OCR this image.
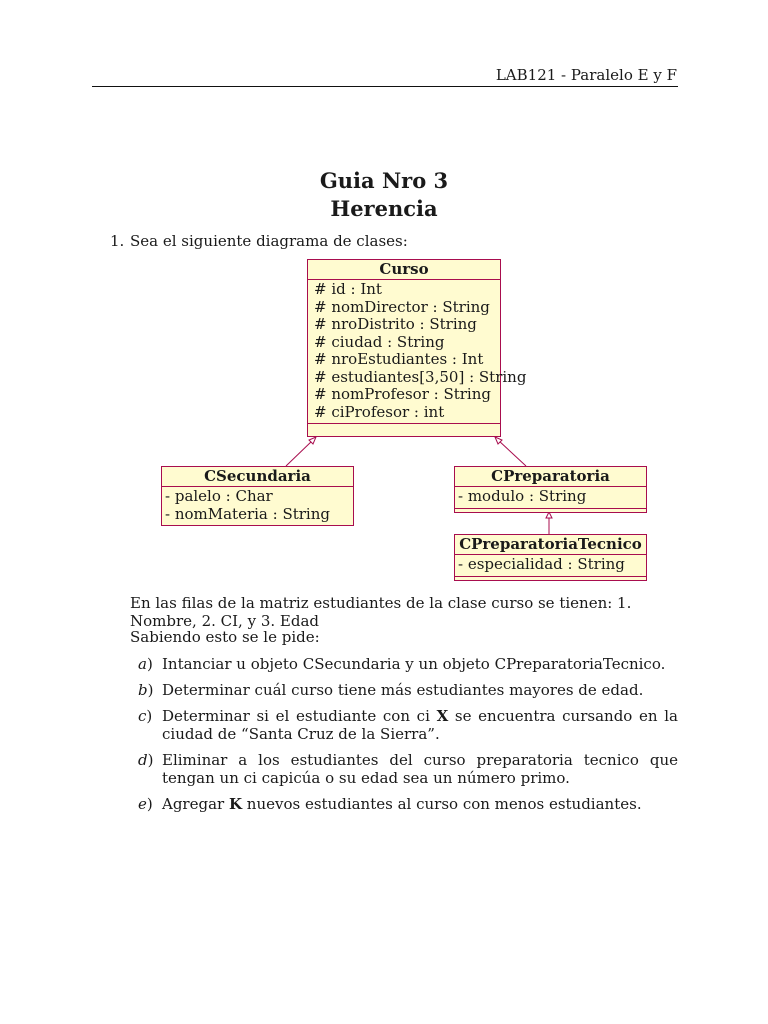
LAB121 - Paralelo E y F
Guia Nro 3
Herencia
1. Sea el siguiente diagrama de clases:
Curso
# id : Int
# nomDirector : String
# nroDistrito : String
# ciudad : String
# nroEstudiantes : Int
# estudiantes[3,50] : String
# nomProfesor : String
# ciProfesor : int
CSecundaria
- palelo : Char
- nomMateria : String
CPreparatoria
- modulo : String
CPreparatoriaTecnico
- especialidad : String
En las filas de la matriz estudiantes de la clase curso se tienen: 1. Nombre, 2. CI, y 3. Edad
Sabiendo esto se le pide:
a) Intanciar u objeto CSecundaria y un objeto CPreparatoriaTecnico.
b) Determinar cuál curso tiene más estudiantes mayores de edad.
c) Determinar si el estudiante con ci X se encuentra cursando en la ciudad de “Santa Cruz de la Sierra”.
d) Eliminar a los estudiantes del curso preparatoria tecnico que tengan un ci capicúa o su edad sea un número primo.
e) Agregar K nuevos estudiantes al curso con menos estudiantes.
